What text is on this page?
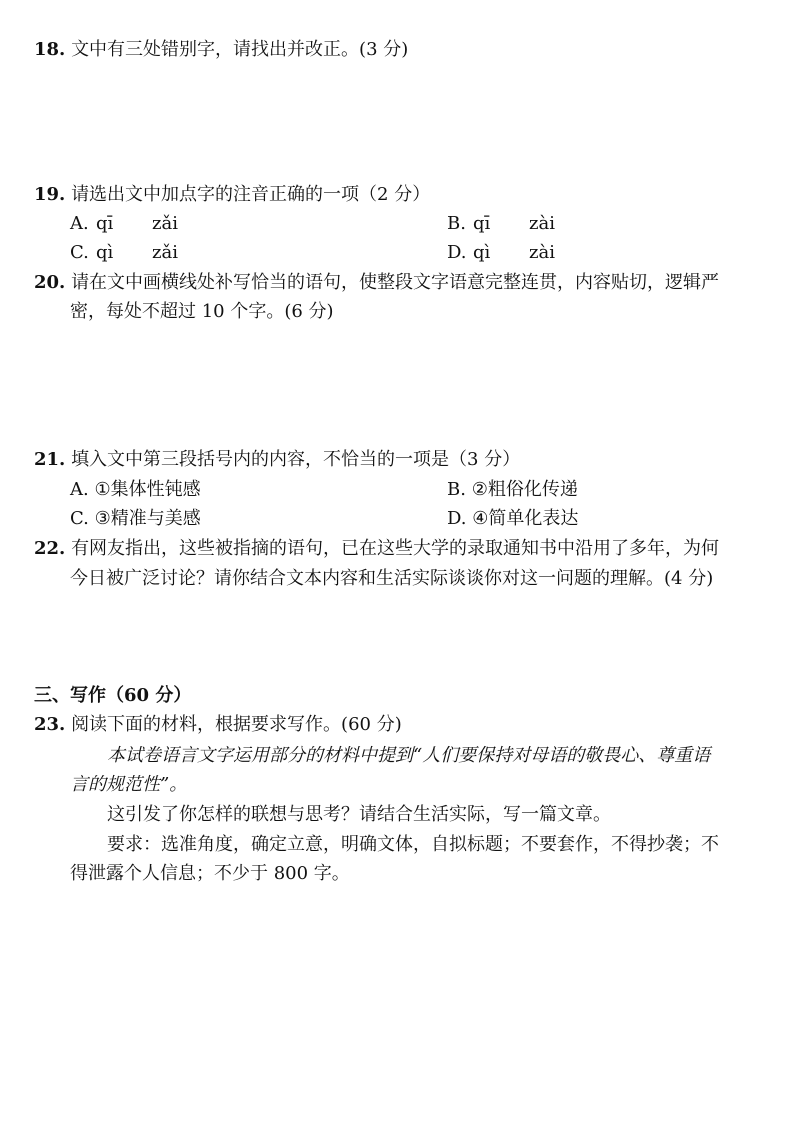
18. 文中有三处错别字，请找出并改正。(3 分)
19. 请选出文中加点字的注音正确的一项（2 分）
A. qī zǎi	B. qī zài
C. qì zǎi	D. qì zài
20. 请在文中画横线处补写恰当的语句，使整段文字语意完整连贯，内容贴切，逻辑严
密，每处不超过 10 个字。(6 分)
21. 填入文中第三段括号内的内容，不恰当的一项是（3 分）
A. ①集体性钝感	B. ②粗俗化传递
C. ③精准与美感	D. ④简单化表达
22. 有网友指出，这些被指摘的语句，已在这些大学的录取通知书中沿用了多年，为何
今日被广泛讨论？请你结合文本内容和生活实际谈谈你对这一问题的理解。(4 分)
三、写作（60 分）
23. 阅读下面的材料，根据要求写作。(60 分)
本试卷语言文字运用部分的材料中提到“人们要保持对母语的敬畏心、尊重语
言的规范性”。
这引发了你怎样的联想与思考？请结合生活实际，写一篇文章。
要求：选准角度，确定立意，明确文体，自拟标题；不要套作，不得抄袭；不
得泄露个人信息；不少于 800 字。
